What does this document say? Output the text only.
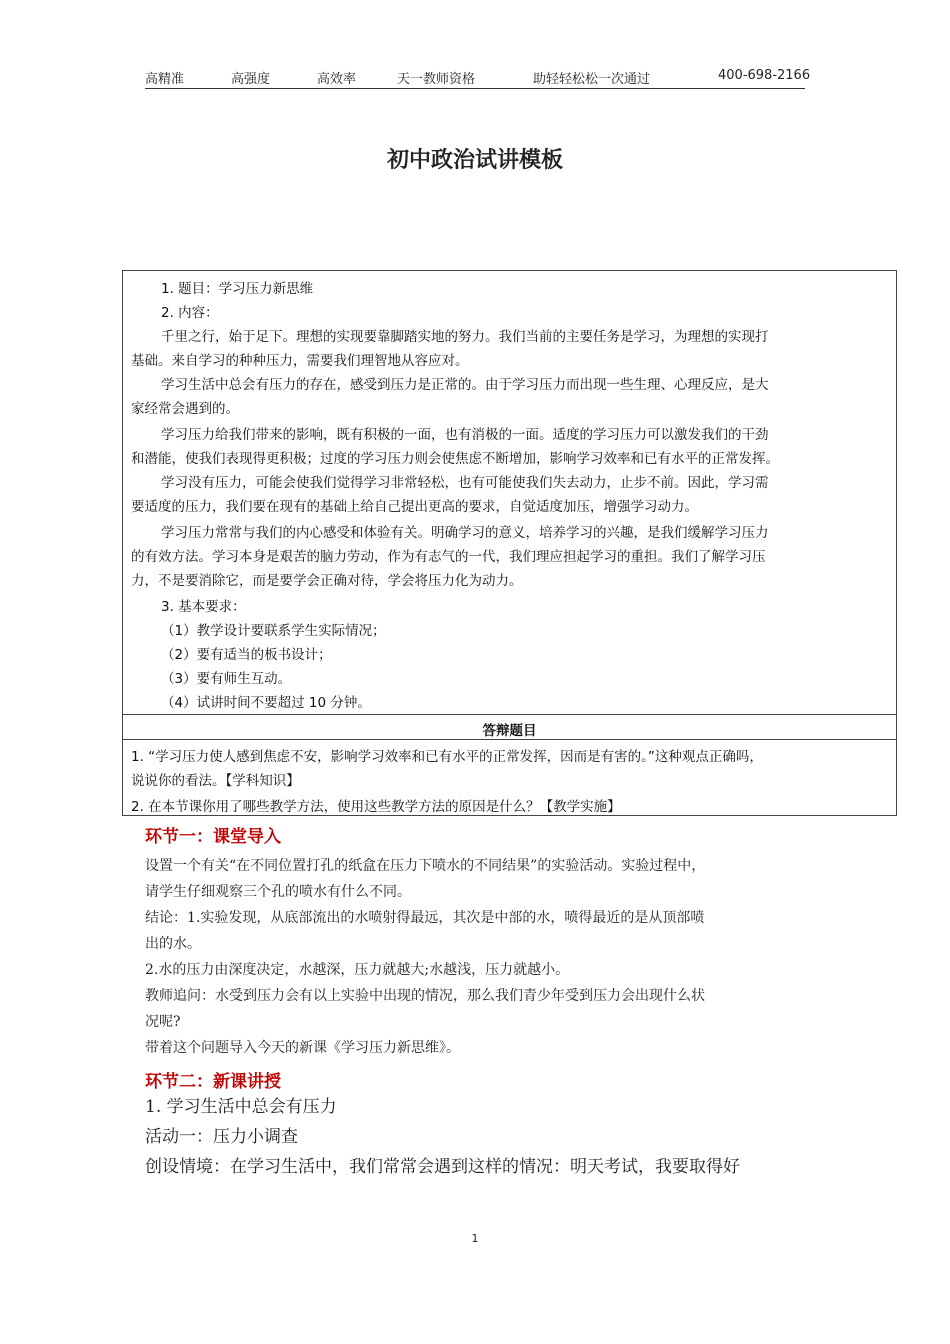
高精准	高强度	高效率	天一教师资格	助轻轻松松一次通过	400-698-2166
初中政治试讲模板
1. 题目：学习压力新思维
2. 内容：
千里之行，始于足下。理想的实现要靠脚踏实地的努力。我们当前的主要任务是学习，为理想的实现打
基础。来自学习的种种压力，需要我们理智地从容应对。
学习生活中总会有压力的存在，感受到压力是正常的。由于学习压力而出现一些生理、心理反应，是大
家经常会遇到的。
学习压力给我们带来的影响，既有积极的一面，也有消极的一面。适度的学习压力可以激发我们的干劲
和潜能，使我们表现得更积极；过度的学习压力则会使焦虑不断增加，影响学习效率和已有水平的正常发挥。
学习没有压力，可能会使我们觉得学习非常轻松，也有可能使我们失去动力，止步不前。因此，学习需
要适度的压力，我们要在现有的基础上给自己提出更高的要求，自觉适度加压，增强学习动力。
学习压力常常与我们的内心感受和体验有关。明确学习的意义，培养学习的兴趣，是我们缓解学习压力
的有效方法。学习本身是艰苦的脑力劳动，作为有志气的一代，我们理应担起学习的重担。我们了解学习压
力，不是要消除它，而是要学会正确对待，学会将压力化为动力。
3. 基本要求：
（1）教学设计要联系学生实际情况；
（2）要有适当的板书设计；
（3）要有师生互动。
（4）试讲时间不要超过 10 分钟。
答辩题目
1. “学习压力使人感到焦虑不安，影响学习效率和已有水平的正常发挥，因而是有害的。”这种观点正确吗，
说说你的看法。【学科知识】
2. 在本节课你用了哪些教学方法，使用这些教学方法的原因是什么？【教学实施】
环节一：课堂导入
设置一个有关“在不同位置打孔的纸盒在压力下喷水的不同结果”的实验活动。实验过程中，
请学生仔细观察三个孔的喷水有什么不同。
结论：1.实验发现，从底部流出的水喷射得最远，其次是中部的水，喷得最近的是从顶部喷
出的水。
2.水的压力由深度决定，水越深，压力就越大;水越浅，压力就越小。
教师追问：水受到压力会有以上实验中出现的情况，那么我们青少年受到压力会出现什么状
况呢?
带着这个问题导入今天的新课《学习压力新思维》。
环节二：新课讲授
1. 学习生活中总会有压力
活动一：压力小调查
创设情境：在学习生活中，我们常常会遇到这样的情况：明天考试，我要取得好
1
